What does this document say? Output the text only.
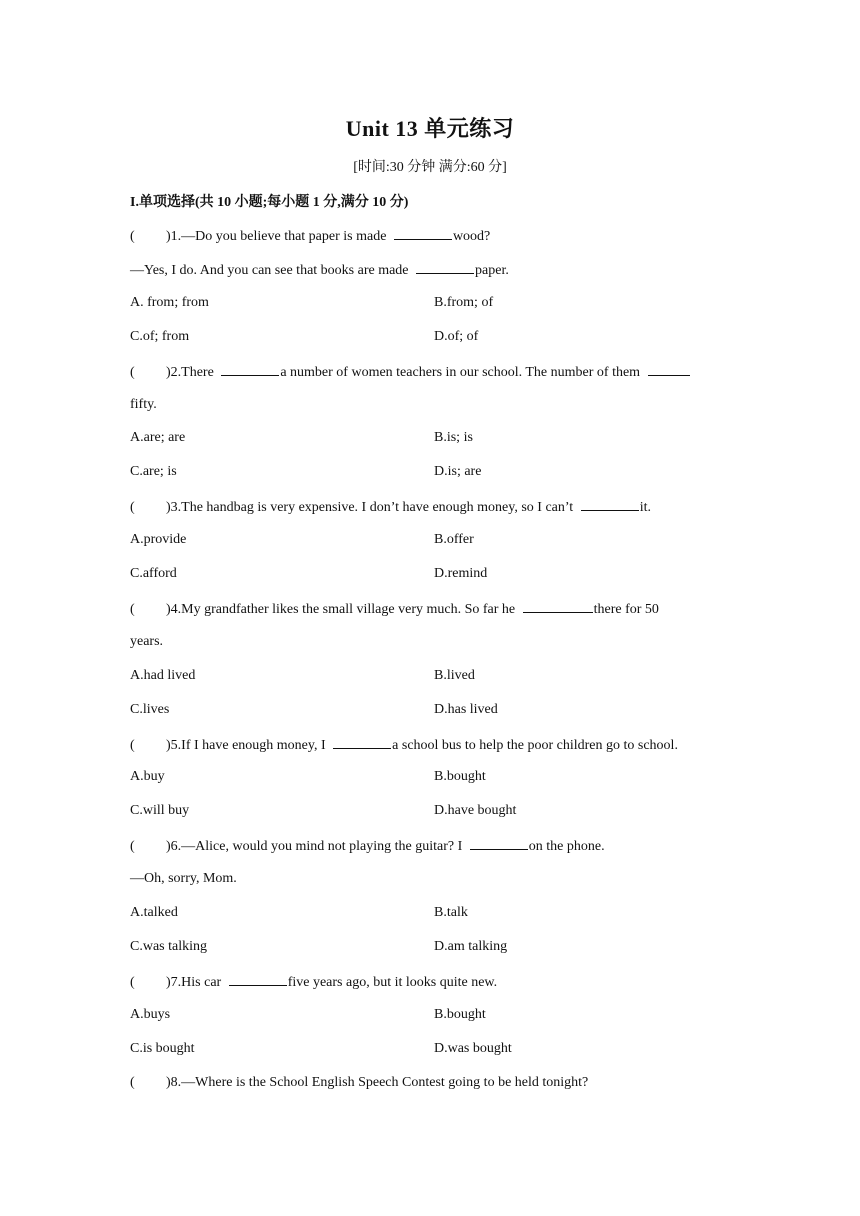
Unit 13 单元练习
[时间:30 分钟 满分:60 分]
I.单项选择(共 10 小题;每小题 1 分,满分 10 分)
( )1.—Do you believe that paper is made	wood?
—Yes, I do. And you can see that books are made	paper.
A. from; from	B.from; of
C.of; from	D.of; of
( )2.There	a number of women teachers in our school. The number of them
fifty.
A.are; are	B.is; is
C.are; is	D.is; are
( )3.The handbag is very expensive. I don’t have enough money, so I can’t	it.
A.provide	B.offer
C.afford	D.remind
( )4.My grandfather likes the small village very much. So far he	there for 50
years.
A.had lived	B.lived
C.lives	D.has lived
( )5.If I have enough money, I	a school bus to help the poor children go to school.
A.buy	B.bought
C.will buy	D.have bought
( )6.—Alice, would you mind not playing the guitar? I	on the phone.
—Oh, sorry, Mom.
A.talked	B.talk
C.was talking	D.am talking
( )7.His car	five years ago, but it looks quite new.
A.buys	B.bought
C.is bought	D.was bought
( )8.—Where is the School English Speech Contest going to be held tonight?
